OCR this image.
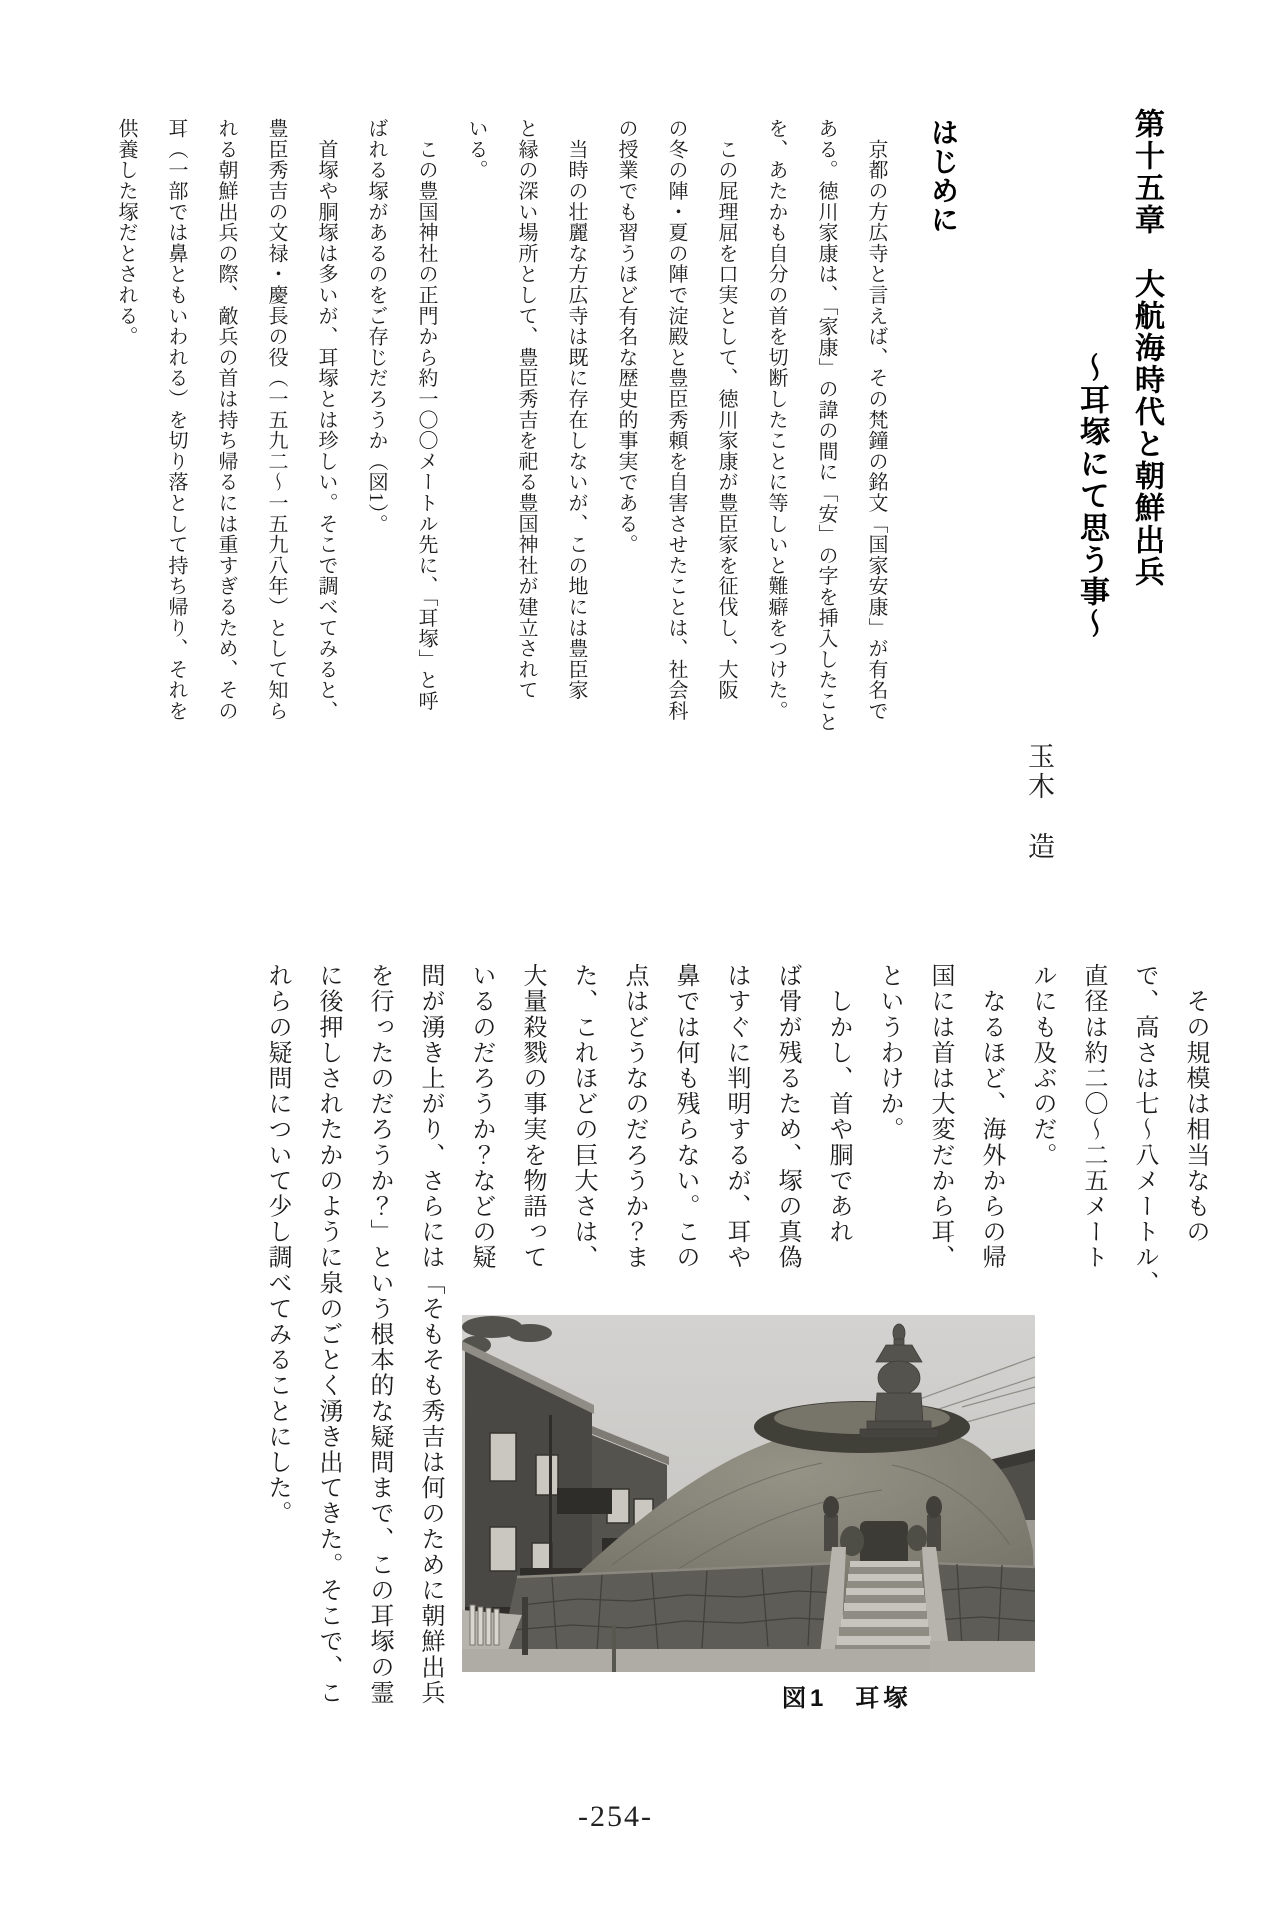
第十五章　大航海時代と朝鮮出兵

～耳塚にて思う事～

玉木　造

はじめに

　京都の方広寺と言えば、その梵鐘の銘文「国家安康」が有名で

ある。徳川家康は、「家康」の諱の間に「安」の字を挿入したこと

を、あたかも自分の首を切断したことに等しいと難癖をつけた。

　この屁理屈を口実として、徳川家康が豊臣家を征伐し、大阪

の冬の陣・夏の陣で淀殿と豊臣秀頼を自害させたことは、社会科

の授業でも習うほど有名な歴史的事実である。

　当時の壮麗な方広寺は既に存在しないが、この地には豊臣家

と縁の深い場所として、豊臣秀吉を祀る豊国神社が建立されて

いる。

　この豊国神社の正門から約一〇〇メートル先に、「耳塚」と呼

ばれる塚があるのをご存じだろうか（図1）。

　首塚や胴塚は多いが、耳塚とは珍しい。そこで調べてみると、

豊臣秀吉の文禄・慶長の役（一五九二～一五九八年）として知ら

れる朝鮮出兵の際、敵兵の首は持ち帰るには重すぎるため、その

耳（一部では鼻ともいわれる）を切り落として持ち帰り、それを

供養した塚だとされる。

　その規模は相当なもの

で、高さは七～八メートル、

直径は約二〇～二五メート

ルにも及ぶのだ。

　なるほど、海外からの帰

国には首は大変だから耳、

というわけか。

　しかし、首や胴であれ

ば骨が残るため、塚の真偽

はすぐに判明するが、耳や

鼻では何も残らない。この

点はどうなのだろうか？ま

た、これほどの巨大さは、

大量殺戮の事実を物語って

いるのだろうか？などの疑

問が湧き上がり、さらには「そもそも秀吉は何のために朝鮮出兵

を行ったのだろうか？」という根本的な疑問まで、この耳塚の霊

に後押しされたかのように泉のごとく湧き出てきた。そこで、こ

れらの疑問について少し調べてみることにした。

図1　耳塚
-254-
